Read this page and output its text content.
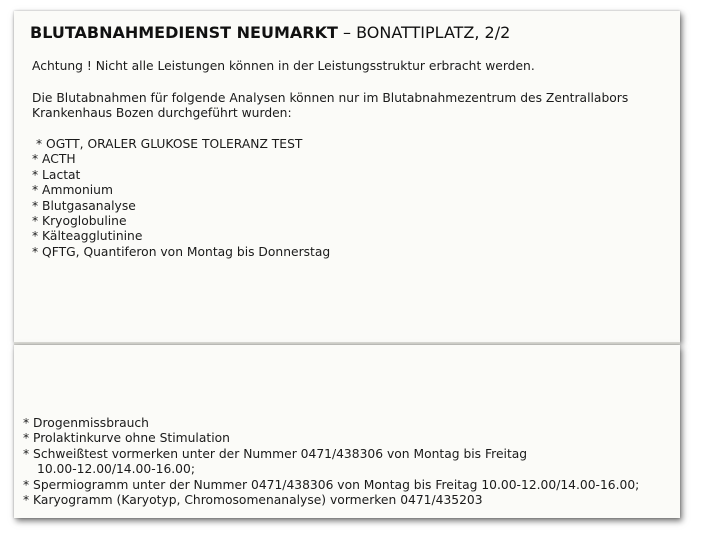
BLUTABNAHMEDIENST NEUMARKT – BONATTIPLATZ, 2/2
Achtung ! Nicht alle Leistungen können in der Leistungsstruktur erbracht werden.
Die Blutabnahmen für folgende Analysen können nur im Blutabnahmezentrum des Zentrallabors
Krankenhaus Bozen durchgeführt wurden:
* OGTT, ORALER GLUKOSE TOLERANZ TEST
* ACTH
* Lactat
* Ammonium
* Blutgasanalyse
* Kryoglobuline
* Kälteagglutinine
* QFTG, Quantiferon von Montag bis Donnerstag
* Drogenmissbrauch
* Prolaktinkurve ohne Stimulation
* Schweißtest vormerken unter der Nummer 0471/438306 von Montag bis Freitag
10.00-12.00/14.00-16.00;
* Spermiogramm unter der Nummer 0471/438306 von Montag bis Freitag 10.00-12.00/14.00-16.00;
* Karyogramm (Karyotyp, Chromosomenanalyse) vormerken 0471/435203
